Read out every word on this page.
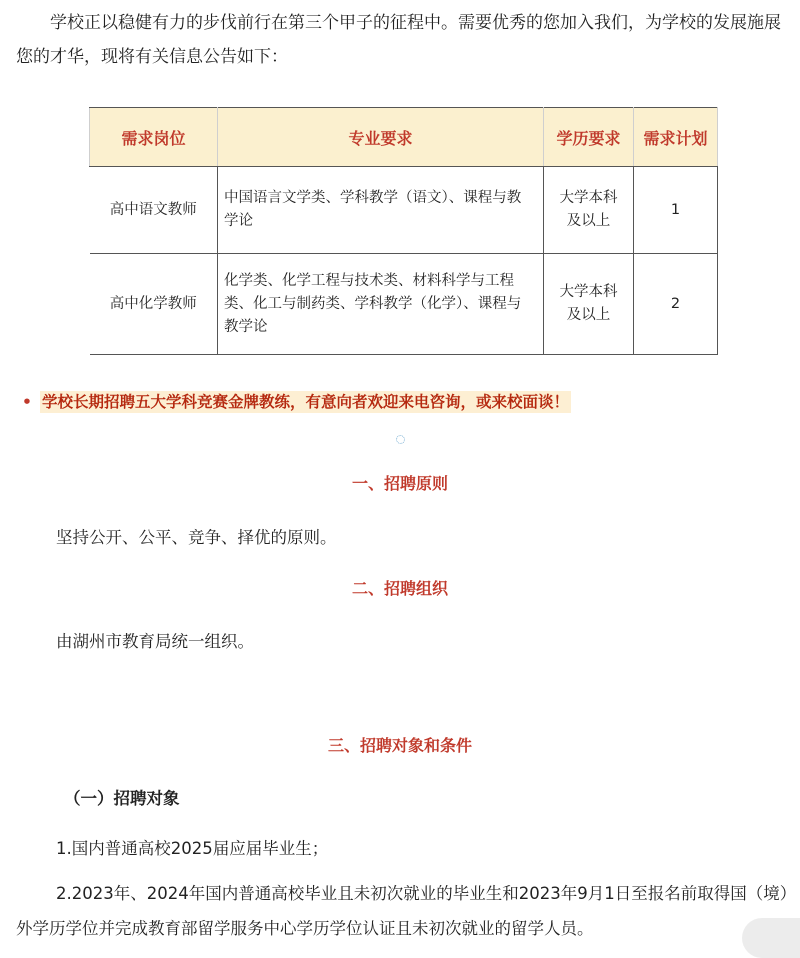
学校正以稳健有力的步伐前行在第三个甲子的征程中。需要优秀的您加入我们，为学校的发展施展您的才华，现将有关信息公告如下：
需求岗位	专业要求	学历要求	需求计划
高中语文教师	中国语言文学类、学科教学（语文）、课程与教学论	大学本科及以上	1
高中化学教师	化学类、化学工程与技术类、材料科学与工程类、化工与制药类、学科教学（化学）、课程与教学论	大学本科及以上	2
• 学校长期招聘五大学科竞赛金牌教练，有意向者欢迎来电咨询，或来校面谈！
一、招聘原则
坚持公开、公平、竞争、择优的原则。
二、招聘组织
由湖州市教育局统一组织。
三、招聘对象和条件
（一）招聘对象
1.国内普通高校2025届应届毕业生；
2.2023年、2024年国内普通高校毕业且未初次就业的毕业生和2023年9月1日至报名前取得国（境）外学历学位并完成教育部留学服务中心学历学位认证且未初次就业的留学人员。
